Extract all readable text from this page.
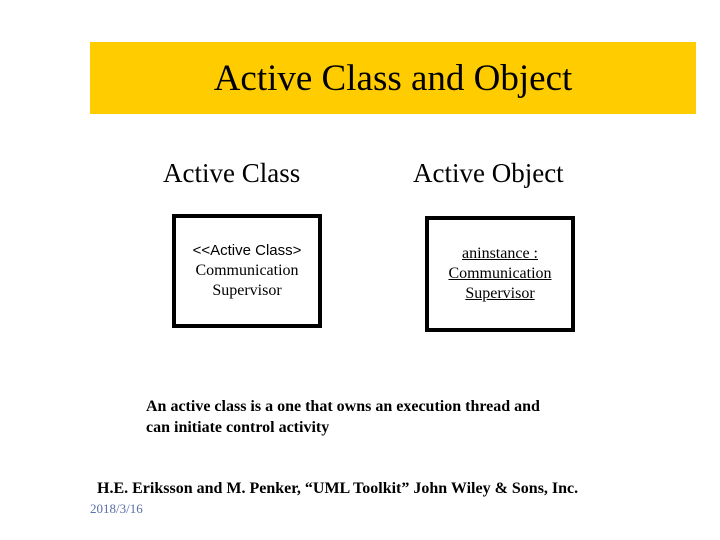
Active Class and Object
Active Class	Active Object
<<Active Class>
Communication
Supervisor
aninstance :
Communication
Supervisor
An active class is a one that owns an execution thread and
can initiate control activity
H.E. Eriksson and M. Penker, “UML Toolkit” John Wiley & Sons, Inc.
2018/3/16
